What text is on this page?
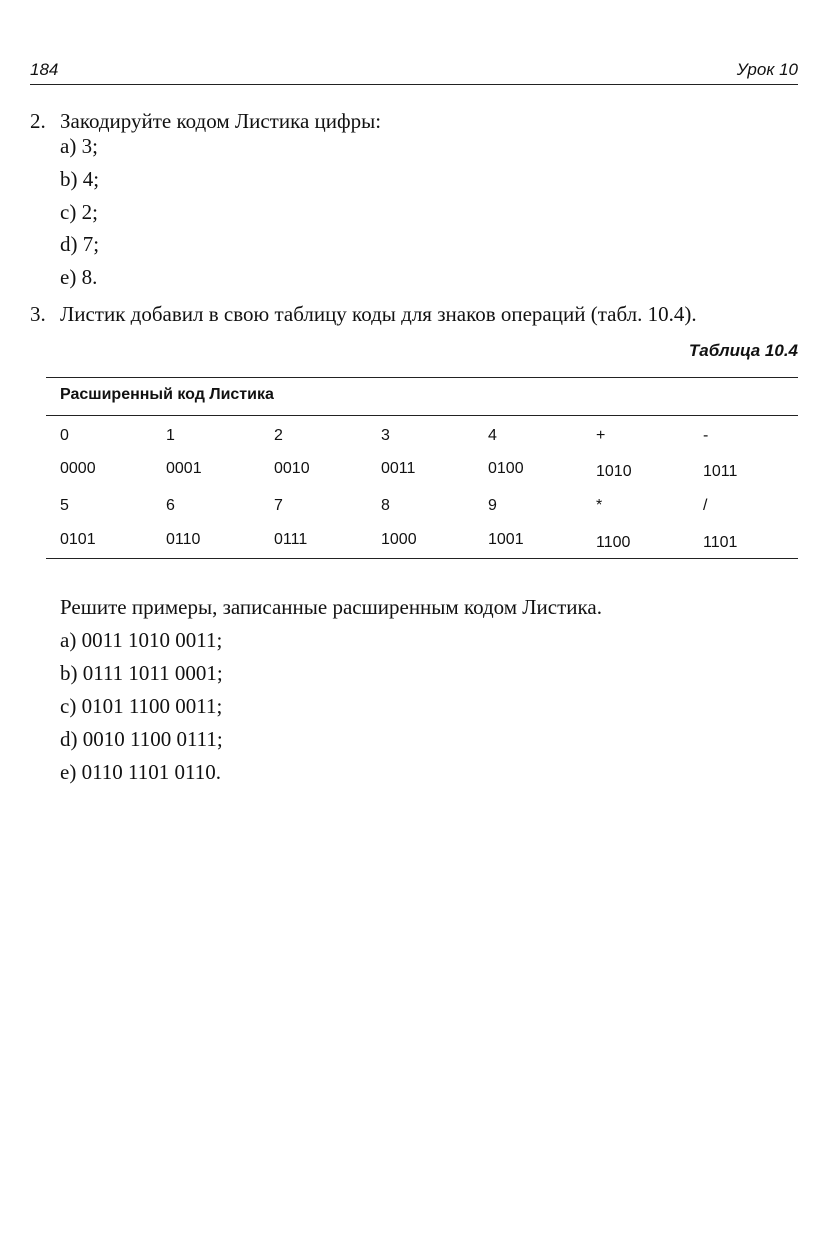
184	Урок 10
2. Закодируйте кодом Листика цифры:
a) 3;
b) 4;
c) 2;
d) 7;
e) 8.
3. Листик добавил в свою таблицу коды для знаков операций (табл. 10.4).
Таблица 10.4
Расширенный код Листика
0	1	2	3	4	+	-
0000	0001	0010	0011	0100	1010	1011
5	6	7	8	9	*	/
0101	0110	0111	1000	1001	1100	1101
Решите примеры, записанные расширенным кодом Листика.
a) 0011 1010 0011;
b) 0111 1011 0001;
c) 0101 1100 0011;
d) 0010 1100 0111;
e) 0110 1101 0110.
